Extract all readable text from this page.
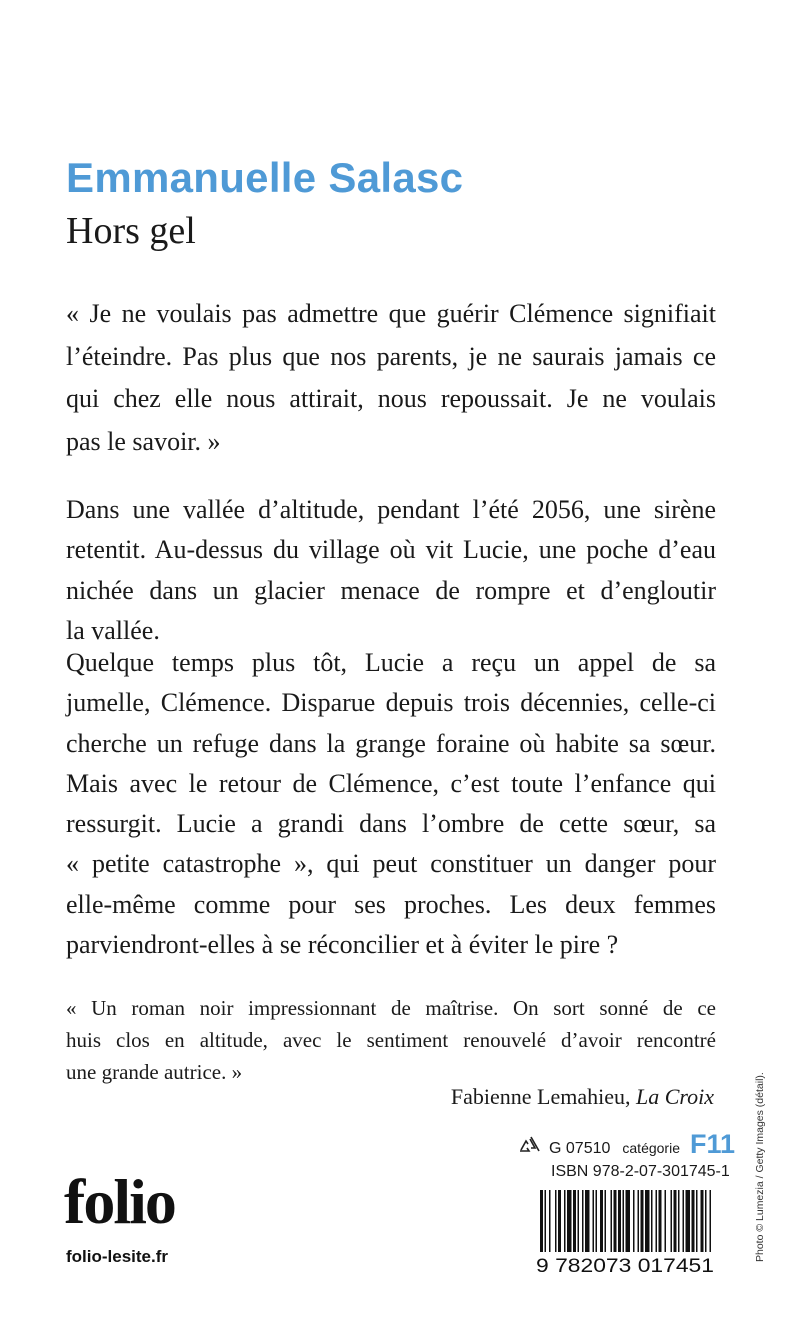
Emmanuelle Salasc
Hors gel
« Je ne voulais pas admettre que guérir Clémence signifiait
l’éteindre. Pas plus que nos parents, je ne saurais jamais ce
qui chez elle nous attirait, nous repoussait. Je ne voulais
pas le savoir. »
Dans une vallée d’altitude, pendant l’été 2056, une sirène
retentit. Au-dessus du village où vit Lucie, une poche d’eau
nichée dans un glacier menace de rompre et d’engloutir
la vallée.
Quelque temps plus tôt, Lucie a reçu un appel de sa
jumelle, Clémence. Disparue depuis trois décennies, celle-ci
cherche un refuge dans la grange foraine où habite sa sœur.
Mais avec le retour de Clémence, c’est toute l’enfance qui
ressurgit. Lucie a grandi dans l’ombre de cette sœur, sa
« petite catastrophe », qui peut constituer un danger pour
elle-même comme pour ses proches. Les deux femmes
parviendront-elles à se réconcilier et à éviter le pire ?
« Un roman noir impressionnant de maîtrise. On sort sonné de ce
huis clos en altitude, avec le sentiment renouvelé d’avoir rencontré
une grande autrice. »
Fabienne Lemahieu, La Croix
G 07510 catégorie F11
ISBN 978-2-07-301745-1
folio
folio-lesite.fr	9 782073 017451
Photo © Lumezia / Getty Images (détail).
